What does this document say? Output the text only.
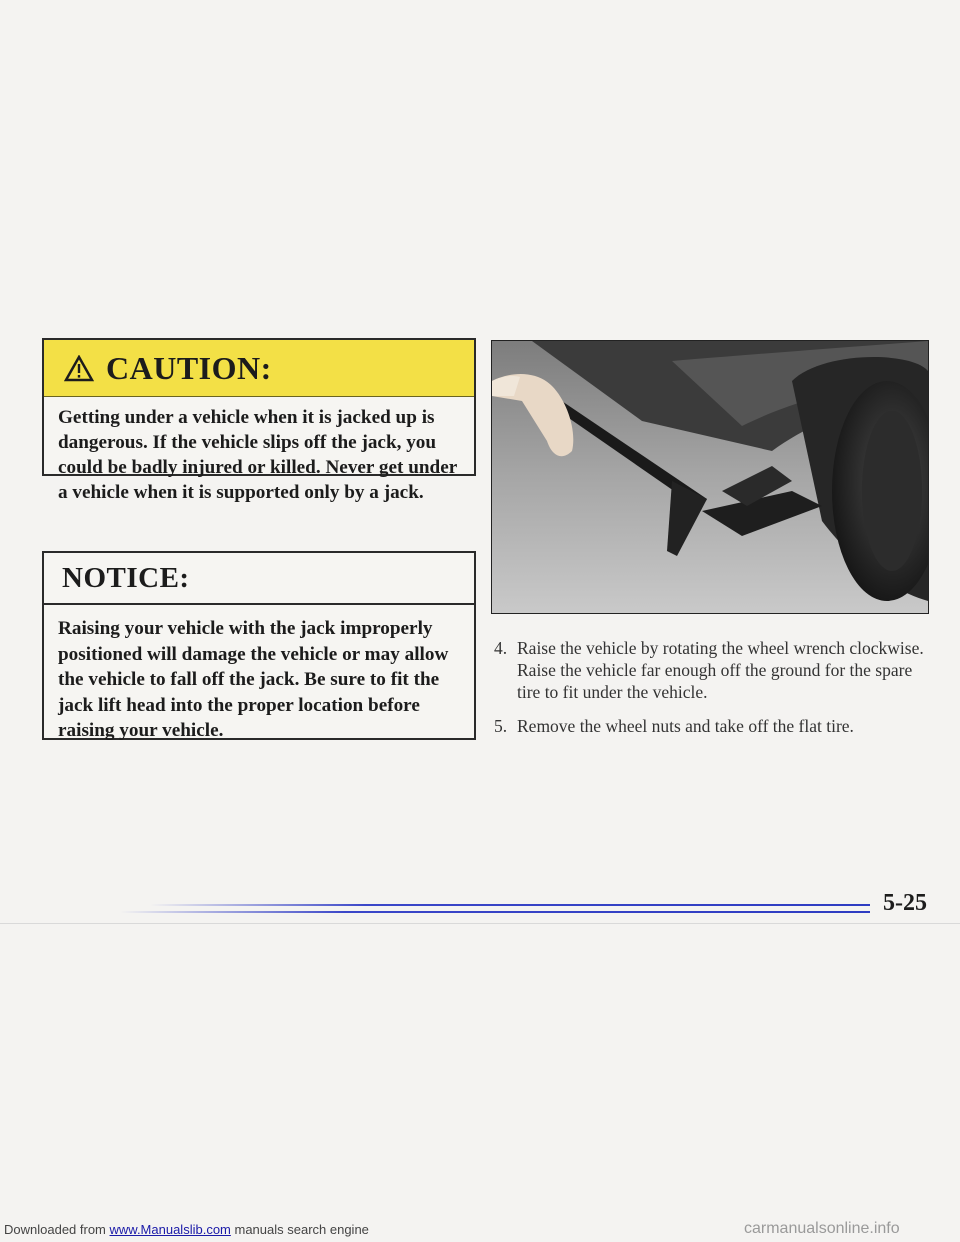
CAUTION:
Getting under a vehicle when it is jacked up is dangerous. If the vehicle slips off the jack, you could be badly injured or killed. Never get under a vehicle when it is supported only by a jack.
NOTICE:
Raising your vehicle with the jack improperly positioned will damage the vehicle or may allow the vehicle to fall off the jack. Be sure to fit the jack lift head into the proper location before raising your vehicle.
4. Raise the vehicle by rotating the wheel wrench clockwise. Raise the vehicle far enough off the ground for the spare tire to fit under the vehicle.
5. Remove the wheel nuts and take off the flat tire.
5-25
Downloaded from www.Manualslib.com manuals search engine	carmanualsonline.info
